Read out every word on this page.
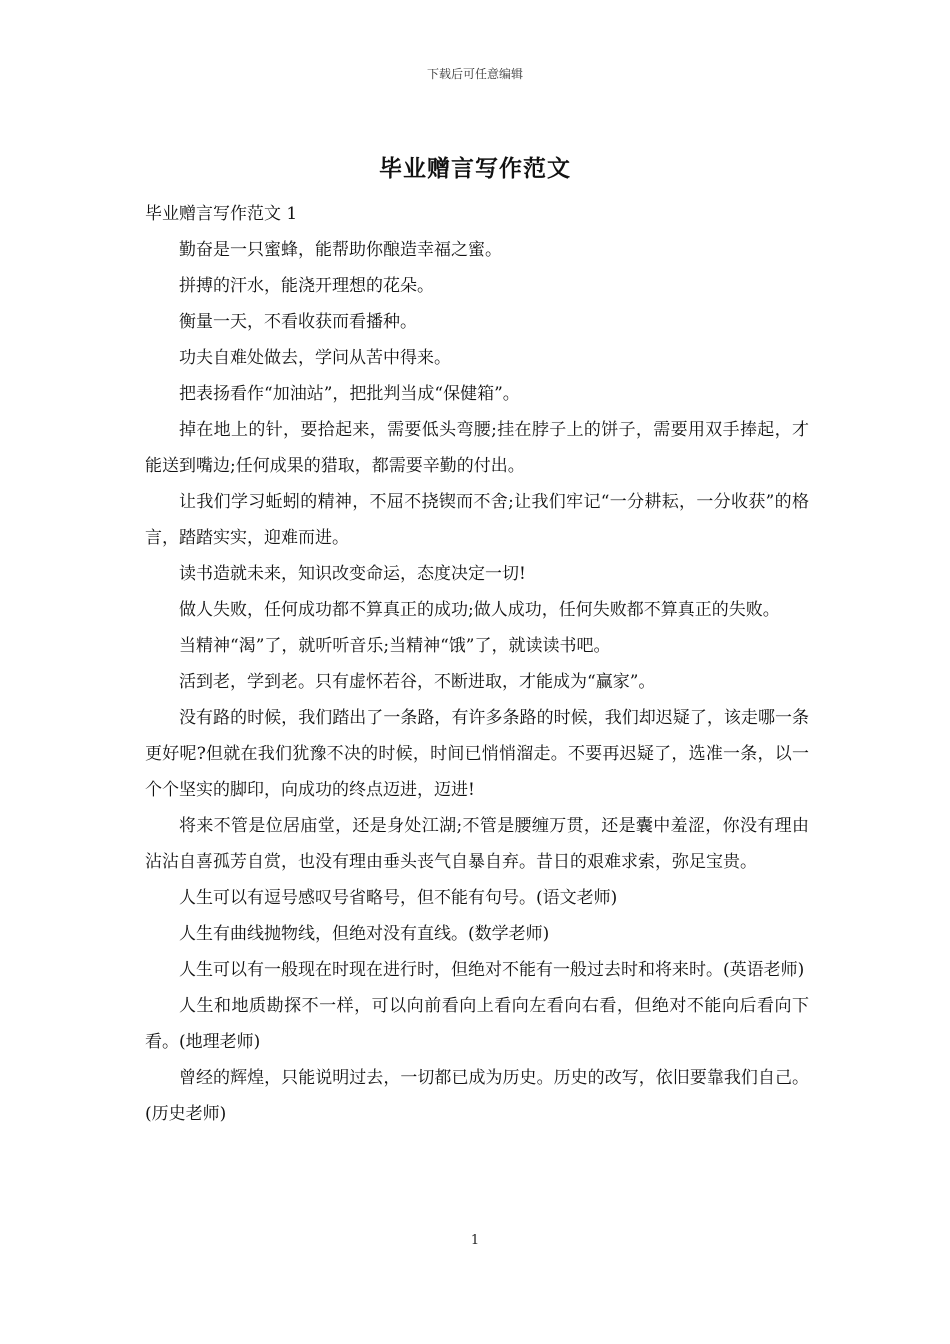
下载后可任意编辑
毕业赠言写作范文

毕业赠言写作范文 1

勤奋是一只蜜蜂，能帮助你酿造幸福之蜜。

拼搏的汗水，能浇开理想的花朵。

衡量一天，不看收获而看播种。

功夫自难处做去，学问从苦中得来。

把表扬看作“加油站”，把批判当成“保健箱”。

掉在地上的针，要拾起来，需要低头弯腰;挂在脖子上的饼子，需要用双手捧起，才能送到嘴边;任何成果的猎取，都需要辛勤的付出。

让我们学习蚯蚓的精神，不屈不挠锲而不舍;让我们牢记“一分耕耘，一分收获”的格言，踏踏实实，迎难而进。

读书造就未来，知识改变命运，态度决定一切!

做人失败，任何成功都不算真正的成功;做人成功，任何失败都不算真正的失败。

当精神“渴”了，就听听音乐;当精神“饿”了，就读读书吧。

活到老，学到老。只有虚怀若谷，不断进取，才能成为“赢家”。

没有路的时候，我们踏出了一条路，有许多条路的时候，我们却迟疑了，该走哪一条更好呢?但就在我们犹豫不决的时候，时间已悄悄溜走。不要再迟疑了，选准一条，以一个个坚实的脚印，向成功的终点迈进，迈进!

将来不管是位居庙堂，还是身处江湖;不管是腰缠万贯，还是囊中羞涩，你没有理由沾沾自喜孤芳自赏，也没有理由垂头丧气自暴自弃。昔日的艰难求索，弥足宝贵。

人生可以有逗号感叹号省略号，但不能有句号。(语文老师)

人生有曲线抛物线，但绝对没有直线。(数学老师)

人生可以有一般现在时现在进行时，但绝对不能有一般过去时和将来时。(英语老师)

人生和地质勘探不一样，可以向前看向上看向左看向右看，但绝对不能向后看向下看。(地理老师)

曾经的辉煌，只能说明过去，一切都已成为历史。历史的改写，依旧要靠我们自己。(历史老师)

1
